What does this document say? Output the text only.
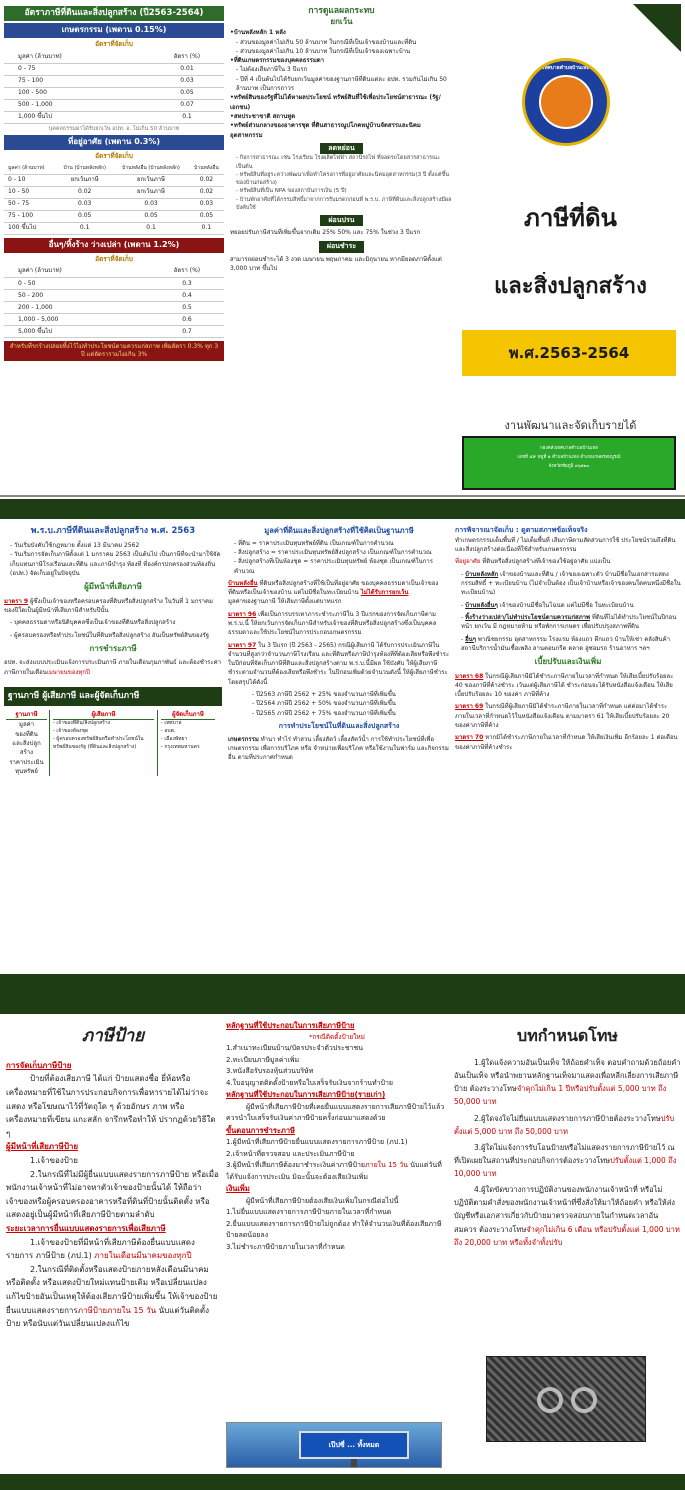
อัตราภาษีที่ดินและสิ่งปลูกสร้าง (ปี2563-2564)
เกษตรกรรม (เพดาน 0.15%)
อัตราที่จัดเก็บ
มูลค่า (ล้านบาท)	อัตรา (%)
0 - 75	0.01
75 - 100	0.03
100 - 500	0.05
500 - 1,000	0.07
1,000 ขึ้นไป	0.1
บุคคลธรรมดาได้รับยกเว้น อปท. อ. ไม่เกิน 50 ล้านบาท
ที่อยู่อาศัย (เพดาน 0.3%)
อัตราที่จัดเก็บ
มูลค่า (ล้านบาท)	บ้าน (บ้านหลังหลัก)	บ้านหลังอื่น (บ้านหลังหลัก)	บ้านหลังอื่น
0 - 10	ยกเว้นภาษี	ยกเว้นภาษี	0.02
10 - 50	0.02	ยกเว้นภาษี	0.02
50 - 75	0.03	0.03	0.03
75 - 100	0.05	0.05	0.05
100 ขึ้นไป	0.1	0.1	0.1
อื่นๆ/ทิ้งร้าง ว่างเปล่า (เพดาน 1.2%)
อัตราที่จัดเก็บ
มูลค่า (ล้านบาท)	อัตรา (%)
0 - 50	0.3
50 - 200	0.4
200 - 1,000	0.5
1,000 - 5,000	0.6
5,000 ขึ้นไป	0.7
สำหรับที่รกร้างปล่อยทิ้งไว้ไม่ทำประโยชน์ตามควรแก่สภาพ เพิ่มอัตรา 0.3% ทุก 3 ปี แต่อัตรารวมไม่เกิน 3%
การดูแลผลกระทบ
ยกเว้น
•บ้านหลังหลัก 1 หลัง
- ส่วนของมูลค่าไม่เกิน 50 ล้านบาท ในกรณีที่เป็นเจ้าของบ้านและที่ดิน
- ส่วนของมูลค่าไม่เกิน 10 ล้านบาท ในกรณีที่เป็นเจ้าของเฉพาะบ้าน
•ที่ดินเกษตรกรรมของบุคคลธรรมดา
- ไม่ต้องเสียภาษีใน 3 ปีแรก
- ปีที่ 4 เป็นต้นไปได้รับยกเว้นมูลค่าของฐานภาษีที่ดินแต่ละ อปท. รวมกันไม่เกิน 50 ล้านบาท เป็นการถาวร
•ทรัพย์สินของรัฐที่ไม่ได้หาผลประโยชน์ ทรัพย์สินที่ใช้เพื่อประโยชน์สาธารณะ (รัฐ/เอกชน)
•สหประชาชาติ สถานทูต
•ทรัพย์ส่วนกลางของอาคารชุด ที่ดินสาธารณูปโภคหมู่บ้านจัดสรรและนิคมอุตสาหกรรม
ลดหย่อน
- กิจการสาธารณะ เช่น โรงเรียน โรงผลิตไฟฟ้า สถานีรถไฟ ที่จอดรถโดยสารสาธารณะ เป็นต้น
- ทรัพย์สินที่อยู่ระหว่างพัฒนาเพื่อทำโครงการที่อยู่อาศัยและนิคมอุตสาหกรรม(3 ปี ตั้งแต่ขึ้นของบ้านก่อสร้าง)
- ทรัพย์สินที่เป็น NPA ของสถาบันการเงิน (5 ปี)
- บ้านพักอาศัยที่ได้กรรมสิทธิ์มาจากการรับมรดกก่อนที่ พ.ร.บ. ภาษีที่ดินและสิ่งปลูกสร้างมีผลบังคับใช้
ผ่อนปรน
ทยอยปรับภาษีส่วนที่เพิ่มขึ้นจากเดิม 25% 50% และ 75% ในช่วง 3 ปีแรก
ผ่อนชำระ
สามารถผ่อนชำระได้ 3 งวด เมษายน พฤษภาคม และมิถุนายน หากมียอดภาษีตั้งแต่ 3,000 บาท ขึ้นไป
เทศบาลตำบลบ้านเหล่
ภาษีที่ดิน
และสิ่งปลูกสร้าง
พ.ศ.2563-2564
งานพัฒนาและจัดเก็บรายได้
กองคลังเทศบาลตำบลบ้านเหล่
เลขที่ ๕๙ หมู่ที่ ๑ ตำบลบ้านเหล่ อำเภอเกษตรสมบูรณ์
จังหวัดชัยภูมิ ๓๖๑๒๐
พ.ร.บ.ภาษีที่ดินและสิ่งปลูกสร้าง พ.ศ. 2563
- วันเริ่มบังคับใช้กฎหมาย ตั้งแต่ 13 มีนาคม 2562
- วันเริ่มการจัดเก็บภาษีตั้งแต่ 1 มกราคม 2563 เป็นต้นไป เป็นภาษีที่จะนำมาใช้จัดเก็บแทนภาษีโรงเรือนและที่ดิน และภาษีบำรุง ท้องที่ ที่องค์กรปกครองส่วนท้องถิ่น (อปท.) จัดเก็บอยู่ในปัจจุบัน
ผู้มีหน้าที่เสียภาษี
มาตรา 9 ผู้ซึ่งเป็นเจ้าของหรือครอบครองที่ดินหรือสิ่งปลูกสร้าง ในวันที่ 1 มกราคม ของปีใดเป็นผู้มีหน้าที่เสียภาษีสำหรับปีนั้น
- บุคคลธรรมดาหรือนิติบุคคลซึ่งเป็นเจ้าของที่ดินหรือสิ่งปลูกสร้าง
- ผู้ครอบครองหรือทำประโยชน์ในที่ดินหรือสิ่งปลูกสร้าง อันเป็นทรัพย์สินของรัฐ
การชำระภาษี
อปท. จะส่งแบบประเมินแจ้งการประเมินภาษี ภายในเดือนกุมภาพันธ์ และต้องชำระค่าภาษีภายในเดือนเมษายนของทุกปี
ฐานภาษี ผู้เสียภาษี และผู้จัดเก็บภาษี
ฐานภาษี
มูลค่า
ของที่ดิน
และสิ่งปลูก
สร้าง
ราคาประเมิน
ทุนทรัพย์
ผู้เสียภาษี
- เจ้าของที่ดิน/สิ่งปลูกสร้าง
- เจ้าของห้องชุด
- ผู้ครอบครองทรัพย์สินหรือทำประโยชน์ในทรัพย์สินของรัฐ (ที่ดินและสิ่งปลูกสร้าง)
ผู้จัดเก็บภาษี
- เทศบาล
- อบต.
- เมืองพัทยา
- กรุงเทพมหานคร
มูลค่าที่ดินและสิ่งปลูกสร้างที่ใช้คิดเป็นฐานภาษี
- ที่ดิน = ราคาประเมินทุนทรัพย์ที่ดิน เป็นเกณฑ์ในการคำนวณ
- สิ่งปลูกสร้าง = ราคาประเมินทุนทรัพย์สิ่งปลูกสร้าง เป็นเกณฑ์ในการคำนวณ
- สิ่งปลูกสร้างที่เป็นห้องชุด = ราคาประเมินทุนทรัพย์ ห้องชุด เป็นเกณฑ์ในการคำนวณ
บ้านหลังอื่น ที่ดินหรือสิ่งปลูกสร้างที่ใช้เป็นที่อยู่อาศัย ของบุคคลธรรมดาเป็นเจ้าของที่ดินหรือเป็นเจ้าของบ้าน แต่ไม่มีชื่อในทะเบียนบ้าน ไม่ได้รับการยกเว้น
มูลค่าของฐานภาษี ให้เสียภาษีตั้งแต่บาทแรก
มาตรา 96 เพื่อเป็นการบรรเทาภาระชำระภาษีใน 3 ปีแรกของการจัดเก็บภาษีตาม พ.ร.บ.นี้ ให้ยกเว้นการจัดเก็บภาษีสำหรับเจ้าของที่ดินหรือสิ่งปลูกสร้างซึ่งเป็นบุคคลธรรมดาและใช้ประโยชน์ในการประกอบเกษตรกรรม
มาตรา 97 ใน 3 ปีแรก (ปี 2563 - 2565) กรณีผู้เสียภาษี ได้รับการประเมินภาษีในจำนวนที่สูงกว่าจำนวนภาษีโรงเรือน และที่ดินหรือภาษีบำรุงท้องที่ที่ต้องเสียหรือพึงชำระในปีก่อนที่จัดเก็บภาษีที่ดินและสิ่งปลูกสร้างตาม พ.ร.บ.นี้มีผล ใช้บังคับ ให้ผู้เสียภาษีชำระตามจำนวนที่ต้องเสียหรือพึงชำระ ในปีก่อนเพิ่มด้วยจำนวนดังนี้ ให้ผู้เสียภาษีชำระ โดยสรุปได้ดังนี้
- ปี2563 ภาษีปี 2562 + 25% ของจำนวนภาษีที่เพิ่มขึ้น
- ปี2564 ภาษีปี 2562 + 50% ของจำนวนภาษีที่เพิ่มขึ้น
- ปี2565 ภาษีปี 2562 + 75% ของจำนวนภาษีที่เพิ่มขึ้น
การทำประโยชน์ในที่ดินและสิ่งปลูกสร้าง
เกษตรกรรม ทำนา ทำไร่ ทำสวน เลี้ยงสัตว์ เลี้ยงสัตว์น้ำ การใช้ทำประโยชน์ที่เพื่อเกษตรกรรม เพื่อการบริโภค หรือ จำหน่ายเพื่อบริโภค หรือใช้งานในฟาร์ม และกิจกรรมอื่น ตามที่ประกาศกำหนด
การพิจารณาจัดเก็บ : ดูตามสภาพข้อเท็จจริง
ทำเกษตรกรรมเต็มพื้นที่ / ไม่เต็มพื้นที่ เสียภาษีตามสัดส่วนการใช้ ประโยชน์รวมถึงที่ดินและสิ่งปลูกสร้างต่อเนื่องที่ใช้สำหรับเกษตรกรรม
ที่อยู่อาศัย ที่ดินหรือสิ่งปลูกสร้างที่เจ้าของใช้อยู่อาศัย แบ่งเป็น
- บ้านหลังหลัก เจ้าของบ้านและที่ดิน / เจ้าของเฉพาะตัว บ้านมีชื่อในเอกสารแสดงกรรมสิทธิ์ + ทะเบียนบ้าน (ไม่จำเป็นต้อง เป็นเจ้าบ้านหรือเจ้าของคนใดคนหนึ่งมีชื่อในทะเบียนบ้าน)
- บ้านหลังอื่นๆ เจ้าของบ้านมีชื่อในโฉนด แต่ไม่มีชื่อ ในทะเบียนบ้าน
- ทิ้งร้างว่างเปล่า/ไม่ทำประโยชน์ตามควรแก่สภาพ ที่ดินที่ไม่ได้ทำประโยชน์ในปีก่อนหน้า ยกเว้น มี กฎหมายห้าม หรือพักการเกษตร เพื่อปรับปรุงสภาพที่ดิน
- อื่นๆ พาณิชยกรรม อุตสาหกรรม โรงแรม ห้องแถว ตึกแถว บ้านให้เช่า คลังสินค้า สถานีบริการน้ำมันเชื้อเพลิง ลานคอนกรีต ตลาด อู่ซ่อมรถ ร้านอาหาร ฯลฯ
เบี้ยปรับและเงินเพิ่ม
มาตรา 68 ในกรณีผู้เสียภาษีมิได้ชำระภาษีภายในเวลาที่กำหนด ให้เสียเบี้ยปรับร้อยละ 40 ของภาษีที่ค้างชำระ เว้นแต่ผู้เสียภาษีได้ ชำระก่อนจะได้รับหนังสือแจ้งเตือน ให้เสียเบี้ยปรับร้อยละ 10 ของค่า ภาษีที่ค้าง
มาตรา 69 ในกรณีที่ผู้เสียภาษีมิได้ชำระภาษีภายในเวลาที่กำหนด แต่ต่อมาได้ชำระภายในเวลาที่กำหนดไว้ในหนังสือแจ้งเตือน ตามมาตรา 61 ให้เสียเบี้ยปรับร้อยละ 20 ของค่าภาษีที่ค้าง
มาตรา 70 หากมิได้ชำระภาษีภายในเวลาที่กำหนด ให้เสียเงินเพิ่ม อีกร้อยละ 1 ต่อเดือน ของค่าภาษีที่ค้างชำระ
ภาษีป้าย
การจัดเก็บภาษีป้าย
ป้ายที่ต้องเสียภาษี ได้แก่ ป้ายแสดงชื่อ ยี่ห้อหรือเครื่องหมายที่ใช้ในการประกอบกิจการเพื่อหารายได้ไม่ว่าจะแสดง หรือโฆษณาไว้ที่วัตถุใด ๆ ด้วยอักษร ภาพ หรือเครื่องหมายที่เขียน แกะสลัก จารึกหรือทำให้ ปรากฏด้วยวิธีใด ๆ
ผู้มีหน้าที่เสียภาษีป้าย
1.เจ้าของป้าย
2.ในกรณีที่ไม่มีผู้ยื่นแบบแสดงรายการภาษีป้าย หรือเมื่อพนักงานเจ้าหน้าที่ไม่อาจหาตัวเจ้าของป้ายนั้นได้ ให้ถือว่าเจ้าของหรือผู้ครอบครองอาคารหรือที่ดินที่ป้ายนั้นติดตั้ง หรือแสดงอยู่เป็นผู้มีหน้าที่เสียภาษีป้ายตามลำดับ
ระยะเวลาการยื่นแบบแสดงรายการเพื่อเสียภาษี
1.เจ้าของป้ายที่มีหน้าที่เสียภาษีต้องยื่นแบบแสดงรายการ ภาษีป้าย (ภป.1) ภายในเดือนมีนาคมของทุกปี
2.ในกรณีที่ติดตั้งหรือแสดงป้ายภายหลังเดือนมีนาคม หรือติดตั้ง หรือแสดงป้ายใหม่แทนป้ายเดิม หรือเปลี่ยนแปลงแก้ไขป้ายอันเป็นเหตุให้ต้องเสียภาษีป้ายเพิ่มขึ้น ให้เจ้าของป้ายยื่นแบบแสดงรายการภาษีป้ายภายใน 15 วัน นับแต่วันติดตั้งป้าย หรือนับแต่วันเปลี่ยนแปลงแก้ไข
หลักฐานที่ใช้ประกอบในการเสียภาษีป้าย
*กรณีติดตั้งป้ายใหม่
1.สำเนาทะเบียนบ้าน/บัตรประจำตัวประชาชน
2.ทะเบียนภาษีมูลค่าเพิ่ม
3.หนังสือรับรองหุ้นส่วนบริษัท
4.ใบอนุญาตติดตั้งป้ายหรือใบเสร็จรับเงินจากร้านทำป้าย
หลักฐานที่ใช้ประกอบในการเสียภาษีป้าย(รายเก่า)
ผู้มีหน้าที่เสียภาษีป้ายที่เคยยื่นแบบแสดงรายการเสียภาษีป้ายไว้แล้ว ควรนำใบเสร็จรับเงินค่าภาษีป้ายครั้งก่อนมาแสดงด้วย
ขั้นตอนการชำระภาษี
1.ผู้มีหน้าที่เสียภาษีป้ายยื่นแบบแสดงรายการภาษีป้าย (ภป.1)
2.เจ้าหน้าที่ตรวจสอบ และประเมินภาษีป้าย
3.ผู้มีหน้าที่เสียภาษีต้องมาชำระเงินค่าภาษีป้ายภายใน 15 วัน นับแต่วันที่ได้รับแจ้งการประเมิน มิฉะนั้นจะต้องเสียเงินเพิ่ม
เงินเพิ่ม
ผู้มีหน้าที่เสียภาษีป้ายต้องเสียเงินเพิ่มในกรณีต่อไปนี้
1.ไม่ยื่นแบบแสดงรายการภาษีป้ายภายในเวลาที่กำหนด
2.ยื่นแบบแสดงรายการภาษีป้ายไม่ถูกต้อง ทำให้จำนวนเงินที่ต้องเสียภาษีป้ายลดน้อยลง
3.ไม่ชำระภาษีป้ายภายในเวลาที่กำหนด
เป๊ปซี่ ... ทั้งหมด
บทกำหนดโทษ
1.ผู้ใดแจ้งความอันเป็นเท็จ ให้ถ้อยคำเท็จ ตอบคำถามด้วยถ้อยคำอันเป็นเท็จ หรือนำพยานหลักฐานเท็จมาแสดงเพื่อหลีกเลี่ยงการเสียภาษีป้าย ต้องระวางโทษจำคุกไม่เกิน 1 ปีหรือปรับตั้งแต่ 5,000 บาท ถึง 50,000 บาท
2.ผู้ใดจงใจไม่ยื่นแบบแสดงรายการภาษีป้ายต้องระวางโทษปรับตั้งแต่ 5,000 บาท ถึง 50,000 บาท
3.ผู้ใดไม่แจ้งการรับโอนป้ายหรือไม่แสดงรายการภาษีป้ายไว้ ณ ที่เปิดเผยในสถานที่ประกอบกิจการต้องระวางโทษปรับตั้งแต่ 1,000 ถึง 10,000 บาท
4.ผู้ใดขัดขวางการปฏิบัติงานของพนักงานเจ้าหน้าที่ หรือไม่ปฏิบัติตามคำสั่งของพนักงานเจ้าหน้าที่ซึ่งสั่งให้มาให้ถ้อยคำ หรือให้ส่งบัญชีหรือเอกสารเกี่ยวกับป้ายมาตรวจสอบภายในกำหนดเวลาอันสมควร ต้องระวางโทษจำคุกไม่เกิน 6 เดือน หรือปรับตั้งแต่ 1,000 บาท ถึง 20,000 บาท หรือทั้งจำทั้งปรับ
